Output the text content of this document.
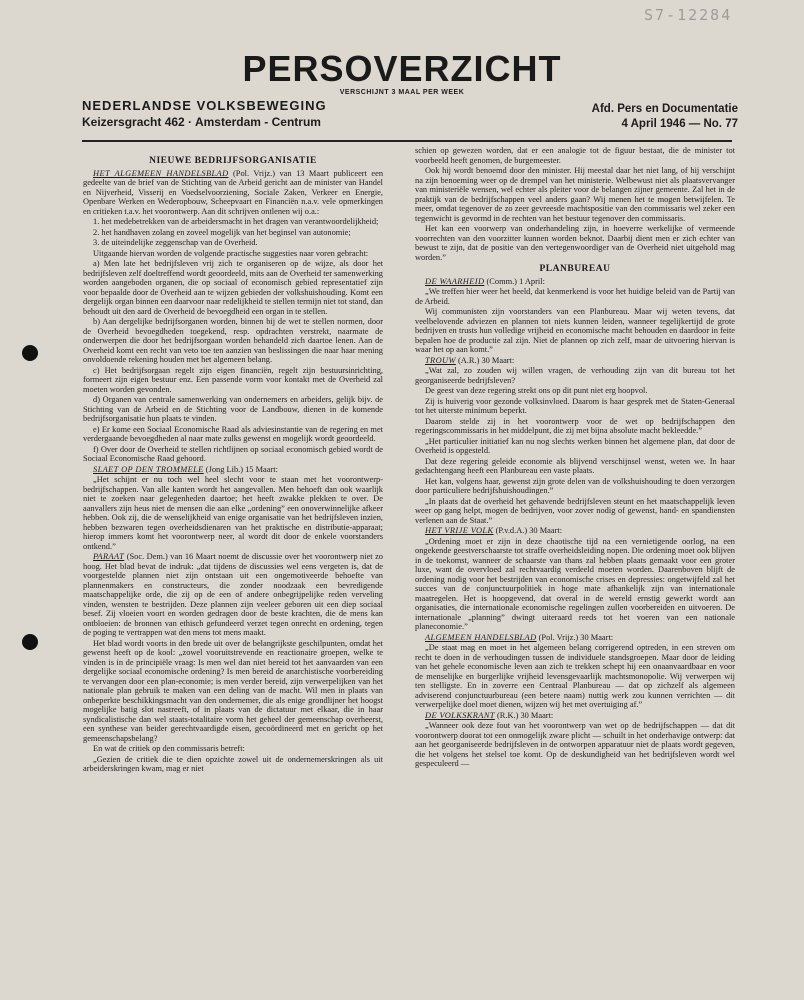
S7-12284
PERSOVERZICHT
VERSCHIJNT 3 MAAL PER WEEK
NEDERLANDSE VOLKSBEWEGING
Keizersgracht 462 · Amsterdam - Centrum
Afd. Pers en Documentatie
4 April 1946 — No. 77
NIEUWE BEDRIJFSORGANISATIE

HET ALGEMEEN HANDELSBLAD (Pol. Vrijz.) van 13 Maart publiceert een gedeelte van de brief van de Stichting van de Arbeid gericht aan de minister van Handel en Nijverheid, Visserij en Voedselvoorziening, Sociale Zaken, Verkeer en Energie, Openbare Werken en Wederopbouw, Scheepvaart en Financiën n.a.v. vele opmerkingen en critieken t.a.v. het voorontwerp. Aan dit schrijven ontlenen wij o.a.:

1. het medebetrekken van de arbeidersmacht in het dragen van verantwoordelijkheid;

2. het handhaven zolang en zoveel mogelijk van het beginsel van autonomie;

3. de uiteindelijke zeggenschap van de Overheid.

Uitgaande hiervan worden de volgende practische suggesties naar voren gebracht:

a) Men late het bedrijfsleven vrij zich te organiseren op de wijze, als door het bedrijfsleven zelf doeltreffend wordt geoordeeld, mits aan de Overheid ter samenwerking worden aangeboden organen, die op sociaal of economisch gebied representatief zijn voor bepaalde door de Overheid aan te wijzen gebieden der volkshuishouding. Komt een dergelijk organ binnen een daarvoor naar redelijkheid te stellen termijn niet tot stand, dan behoudt uit den aard de Overheid de bevoegdheid een organ in te stellen.

b) Aan dergelijke bedrijfsorganen worden, binnen bij de wet te stellen normen, door de Overheid bevoegdheden toegekend, resp. opdrachten verstrekt, naarmate de onderwerpen die door het bedrijfsorgaan worden behandeld zich daartoe lenen. Aan de Overheid komt een recht van veto toe ten aanzien van beslissingen die naar haar mening onvoldoende rekening houden met het algemeen belang.

c) Het bedrijfsorgaan regelt zijn eigen financiën, regelt zijn bestuursinrichting, formeert zijn eigen bestuur enz. Een passende vorm voor kontakt met de Overheid zal moeten worden gevonden.

d) Organen van centrale samenwerking van ondernemers en arbeiders, gelijk bijv. de Stichting van de Arbeid en de Stichting voor de Landbouw, dienen in de komende bedrijfsorganisatie hun plaats te vinden.

e) Er kome een Sociaal Economische Raad als adviesinstantie van de regering en met verdergaande bevoegdheden al naar mate zulks gewenst en mogelijk wordt geoordeeld.

f) Over door de Overheid te stellen richtlijnen op sociaal economisch gebied wordt de Sociaal Economische Raad gehoord.

SLAET OP DEN TROMMELE (Jong Lib.) 15 Maart:

„Het schijnt er nu toch wel heel slecht voor te staan met het voorontwerp-bedrijfschappen. Van alle kanten wordt het aangevallen. Men behoeft dan ook waarlijk niet te zoeken naar gelegenheden daartoe; het heeft zwakke plekken te over. De aanvallers zijn heus niet de mensen die aan elke „ordening” een onoverwinnelijke afkeer hebben. Ook zij, die de wenselijkheid van enige organisatie van het bedrijfsleven inzien, hebben bezwaren tegen overheidsdienaren van het praktische en distributie-apparaat; hierop immers komt het voorontwerp neer, al wordt dit door de enkele voorstanders ontkend.”

PARAAT (Soc. Dem.) van 16 Maart noemt de discussie over het voorontwerp niet zo hoog. Het blad bevat de indruk: „dat tijdens de discussies wel eens vergeten is, dat de voorgestelde plannen niet zijn ontstaan uit een ongemotiveerde behoefte van plannenmakers en constructeurs, die zonder noodzaak een bevredigende maatschappelijke orde, die zij op de een of andere onbegrijpelijke reden verveling vinden, wensten te bestrijden. Deze plannen zijn veeleer geboren uit een diep sociaal besef. Zij vloeien voort en worden gedragen door de beste krachten, die de mens kan ontbloeien: de bronnen van ethisch gefundeerd verzet tegen onrecht en ordening, tegen de poging te vertrappen wat den mens tot mens maakt.

Het blad wordt voorts in den brede uit over de belangrijkste geschilpunten, omdat het gewenst heeft op de kool: „zowel vooruitstrevende en reactionaire groepen, welke te vinden is in de principiële vraag: Is men wel dan niet bereid tot het aanvaarden van een dergelijke sociaal economische ordening? Is men bereid de anarchistische voorbereiding te vervangen door een plan-economie; is men verder bereid, zijn verwerpelijken van het nationale plan gebruik te maken van een deling van de macht. Wil men in plaats van onbeperkte beschikkingsmacht van den ondernemer, die als enige grondlijner het hoogst mogelijke batig slot nastreeft, of in plaats van de dictatuur met elkaar, die in haar syndicalistische dan wel staats-totalitaire vorm het geheel der gemeenschap overheerst, een synthese van beider gerechtvaardigde eisen, gecoördineerd met en gericht op het gemeenschapsbelang?

En wat de critiek op den commissaris betreft:

„Gezien de critiek die te dien opzichte zowel uit de ondernemerskringen als uit arbeiderskringen kwam, mag er niet

schien op gewezen worden, dat er een analogie tot de figuur bestaat, die de minister tot voorbeeld heeft genomen, de burgemeester.

Ook hij wordt benoemd door den minister. Hij meestal daar het niet lang, of hij verschijnt na zijn benoeming weer op de drempel van het ministerie. Welbewust niet als plaatsvervanger van ministeriële wensen, wel echter als pleiter voor de belangen zijner gemeente. Zal het in de praktijk van de bedrijfschappen veel anders gaan? Wij menen het te mogen betwijfelen. Te meer, omdat tegenover de zo zeer gevreesde machtspositie van den commissaris wel zeker een tegenwicht is gevormd in de rechten van het bestuur tegenover den commissaris.

Het kan een voorwerp van onderhandeling zijn, in hoeverre werkelijke of vermeende voorrechten van den voorzitter kunnen worden beknot. Daarbij dient men er zich echter van bewust te zijn, dat de positie van den vertegenwoordiger van de Overheid niet uitgehold mag worden.”

PLANBUREAU

DE WAARHEID (Comm.) 1 April:

„We treffen hier weer het beeld, dat kenmerkend is voor het huidige beleid van de Partij van de Arbeid.

Wij communisten zijn voorstanders van een Planbureau. Maar wij weten tevens, dat veelbelovende adviezen en plannen tot niets kunnen leiden, wanneer tegelijkertijd de grote bedrijven en trusts hun volledige vrijheid en economische macht behouden en daardoor in feite bepalen hoe de productie zal zijn. Niet de plannen op zich zelf, maar de uitvoering hiervan is waar het op aan komt.”

TROUW (A.R.) 30 Maart:

„Wat zal, zo zouden wij willen vragen, de verhouding zijn van dit bureau tot het georganiseerde bedrijfsleven?

De geest van deze regering strekt ons op dit punt niet erg hoopvol.

Zij is huiverig voor gezonde volksinvloed. Daarom is haar gesprek met de Staten-Generaal tot het uiterste minimum beperkt.

Daarom stelde zij in het voorontwerp voor de wet op bedrijfschappen den regeringscommissaris in het middelpunt, die zij met bijna absolute macht bekleedde.”

„Het particulier initiatief kan nu nog slechts werken binnen het algemene plan, dat door de Overheid is opgesteld.

Dat deze regering geleide economie als blijvend verschijnsel wenst, weten we. In haar gedachtengang heeft een Planbureau een vaste plaats.

Het kan, volgens haar, gewenst zijn grote delen van de volkshuishouding te doen verzorgen door particuliere bedrijfshuishoudingen.”

„In plaats dat de overheid het gehavende bedrijfsleven steunt en het maatschappelijk leven weer op gang helpt, mogen de bedrijven, voor zover nodig of gewenst, hand- en spandiensten verlenen aan de Staat.”

HET VRIJE VOLK (P.v.d.A.) 30 Maart:

„Ordening moet er zijn in deze chaotische tijd na een vernietigende oorlog, na een ongekende geestverschaarste tot straffe overheidsleiding nopen. Die ordening moet ook blijven in de toekomst, wanneer de schaarste van thans zal hebben plaats gemaakt voor een groter luxe, want de overvloed zal rechtvaardig verdeeld moeten worden. Daarenboven blijft de ordening nodig voor het bestrijden van economische crises en depressies: ongetwijfeld zal het succes van de conjunctuurpolitiek in hoge mate afhankelijk zijn van internationale maatregelen. Het is hoopgevend, dat overal in de wereld ernstig gewerkt wordt aan organisaties, die internationale economische regelingen zullen voorbereiden en uitvoeren. De internationale „planning” dwingt uiteraard reeds tot het voeren van een nationale planeconomie.”

ALGEMEEN HANDELSBLAD (Pol. Vrijz.) 30 Maart:

„De staat mag en moet in het algemeen belang corrigerend optreden, in een streven om recht te doen in de verhoudingen tussen de individuele standsgroepen. Maar door de leiding van het gehele economische leven aan zich te trekken schept hij een onaanvaardbaar en voor de menselijke en burgerlijke vrijheid levensgevaarlijk machtsmonopolie. Wij verwerpen wij ten stelligste. En in zoverre een Centraal Planbureau — dat op zichzelf als algemeen adviserend conjunctuurbureau (een betere naam) nuttig werk zou kunnen verrichten — dit verwerpelijke doel moet dienen, wijzen wij het met overtuiging af.”

DE VOLKSKRANT (R.K.) 30 Maart:

„Wanneer ook deze fout van het voorontwerp van wet op de bedrijfschappen — dat dit voorontwerp doorat tot een onmogelijk zware plicht — schuilt in het onderhavige ontwerp: dat aan het georganiseerde bedrijfsleven in de ontworpen apparatuur niet de plaats wordt gegeven, die het volgens het stelsel toe komt. Op de deskundigheid van het bedrijfsleven wordt wel gespeculeerd —
